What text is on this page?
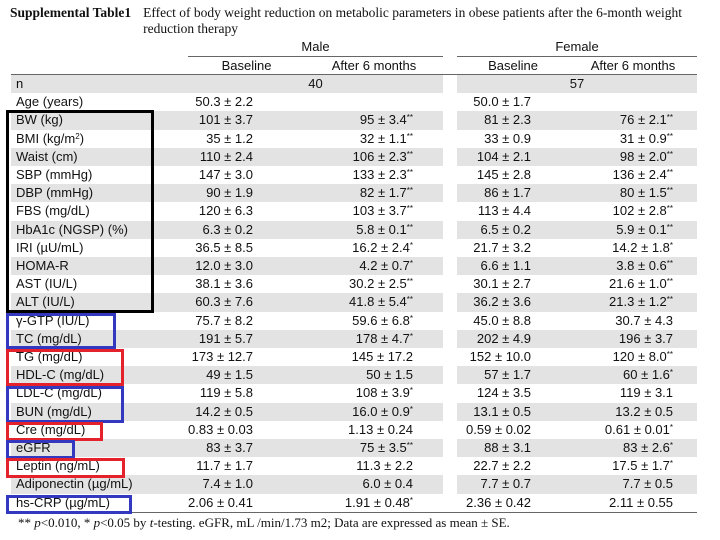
Supplemental Table1 Effect of body weight reduction on metabolic parameters in obese patients after the 6-month weight reduction therapy
	Male			Female	
	Baseline	After 6 months		Baseline	After 6 months
n	40			57	
Age (years)	50.3 ± 2.2			50.0 ± 1.7	
BW (kg)	101 ± 3.7	95 ± 3.4**		81 ± 2.3	76 ± 2.1**
BMI $(kg/m^2)$	35 ± 1.2	32 ± 1.1**		33 ± 0.9	31 ± 0.9**
Waist (cm)	110 ± 2.4	106 ± 2.3**		104 ± 2.1	98 ± 2.0**
SBP (mmHg)	147 ± 3.0	133 ± 2.3**		145 ± 2.8	136 ± 2.4**
DBP (mmHg)	90 ± 1.9	82 ± 1.7**		86 ± 1.7	80 ± 1.5**
FBS (mg/dL)	120 ± 6.3	103 ± 3.7**		113 ± 4.4	102 ± 2.8**
HbA1c (NGSP) (%)	6.3 ± 0.2	5.8 ± 0.1**		6.5 ± 0.2	5.9 ± 0.1**
IRI (µU/mL)	36.5 ± 8.5	16.2 ± 2.4*		21.7 ± 3.2	14.2 ± 1.8*
HOMA-R	12.0 ± 3.0	4.2 ± 0.7*		6.6 ± 1.1	3.8 ± 0.6**
AST (IU/L)	38.1 ± 3.6	30.2 ± 2.5**		30.1 ± 2.7	21.6 ± 1.0**
ALT (IU/L)	60.3 ± 7.6	41.8 ± 5.4**		36.2 ± 3.6	21.3 ± 1.2**
γ-GTP (IU/L)	75.7 ± 8.2	59.6 ± 6.8*		45.0 ± 8.8	30.7 ± 4.3
TC (mg/dL)	191 ± 5.7	178 ± 4.7*		202 ± 4.9	196 ± 3.7
TG (mg/dL)	173 ± 12.7	145 ± 17.2		152 ± 10.0	120 ± 8.0**
HDL-C (mg/dL)	49 ± 1.5	50 ± 1.5		57 ± 1.7	60 ± 1.6*
LDL-C (mg/dL)	119 ± 5.8	108 ± 3.9*		124 ± 3.5	119 ± 3.1
BUN (mg/dL)	14.2 ± 0.5	16.0 ± 0.9*		13.1 ± 0.5	13.2 ± 0.5
Cre (mg/dL)	0.83 ± 0.03	1.13 ± 0.24		0.59 ± 0.02	0.61 ± 0.01*
eGFR	83 ± 3.7	75 ± 3.5**		88 ± 3.1	83 ± 2.6*
Leptin (ng/mL)	11.7 ± 1.7	11.3 ± 2.2		22.7 ± 2.2	17.5 ± 1.7*
Adiponectin (µg/mL)	7.4 ± 1.0	6.0 ± 0.4		7.7 ± 0.7	7.7 ± 0.5
hs-CRP (µg/mL)	2.06 ± 0.41	1.91 ± 0.48*		2.36 ± 0.42	2.11 ± 0.55
** p<0.010, * p<0.05 by t-testing. eGFR, mL /min/1.73 m2; Data are expressed as mean ± SE.
